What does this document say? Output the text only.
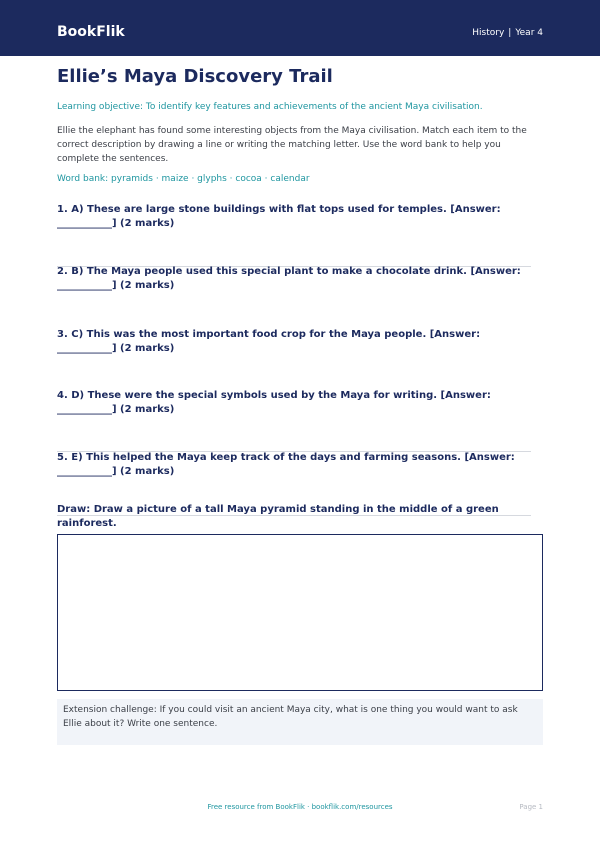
BookFlik	History | Year 4
Ellie’s Maya Discovery Trail
Learning objective: To identify key features and achievements of the ancient Maya civilisation.
Ellie the elephant has found some interesting objects from the Maya civilisation. Match each item to the correct description by drawing a line or writing the matching letter. Use the word bank to help you complete the sentences.
Word bank: pyramids · maize · glyphs · cocoa · calendar
1. A) These are large stone buildings with flat tops used for temples. [Answer: ___________] (2 marks)
2. B) The Maya people used this special plant to make a chocolate drink. [Answer: ___________] (2 marks)
3. C) This was the most important food crop for the Maya people. [Answer: ___________] (2 marks)
4. D) These were the special symbols used by the Maya for writing. [Answer: ___________] (2 marks)
5. E) This helped the Maya keep track of the days and farming seasons. [Answer: ___________] (2 marks)
Draw: Draw a picture of a tall Maya pyramid standing in the middle of a green rainforest.
Extension challenge: If you could visit an ancient Maya city, what is one thing you would want to ask Ellie about it? Write one sentence.
Free resource from BookFlik · bookflik.com/resources	Page 1
